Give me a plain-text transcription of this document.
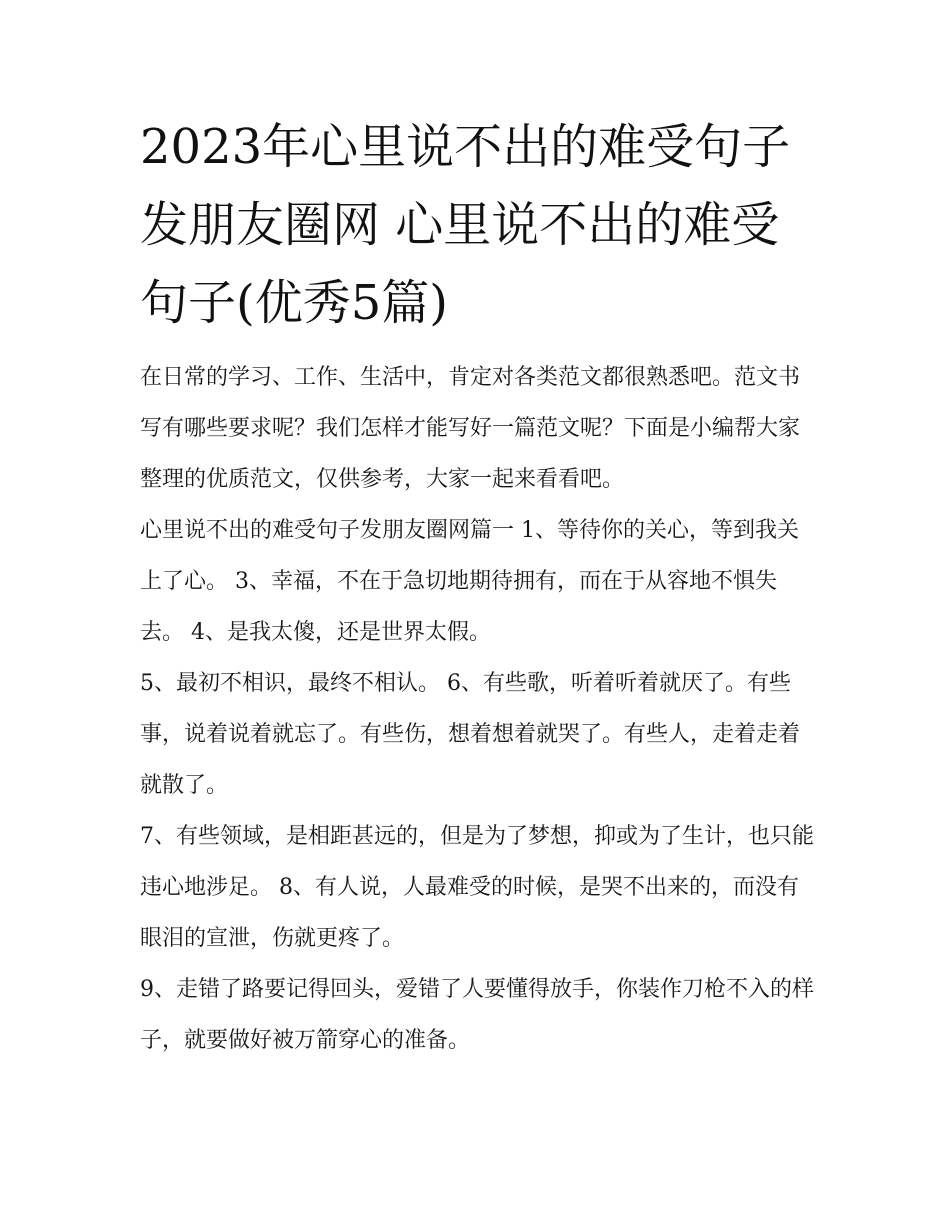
2023年心里说不出的难受句子发朋友圈网 心里说不出的难受句子(优秀5篇)

在日常的学习、工作、生活中，肯定对各类范文都很熟悉吧。范文书写有哪些要求呢？我们怎样才能写好一篇范文呢？下面是小编帮大家整理的优质范文，仅供参考，大家一起来看看吧。

心里说不出的难受句子发朋友圈网篇一 1、等待你的关心，等到我关上了心。 3、幸福，不在于急切地期待拥有，而在于从容地不惧失去。 4、是我太傻，还是世界太假。

5、最初不相识，最终不相认。 6、有些歌，听着听着就厌了。有些事，说着说着就忘了。有些伤，想着想着就哭了。有些人，走着走着就散了。

7、有些领域，是相距甚远的，但是为了梦想，抑或为了生计，也只能违心地涉足。 8、有人说，人最难受的时候，是哭不出来的，而没有眼泪的宣泄，伤就更疼了。

9、走错了路要记得回头，爱错了人要懂得放手，你装作刀枪不入的样子，就要做好被万箭穿心的准备。
